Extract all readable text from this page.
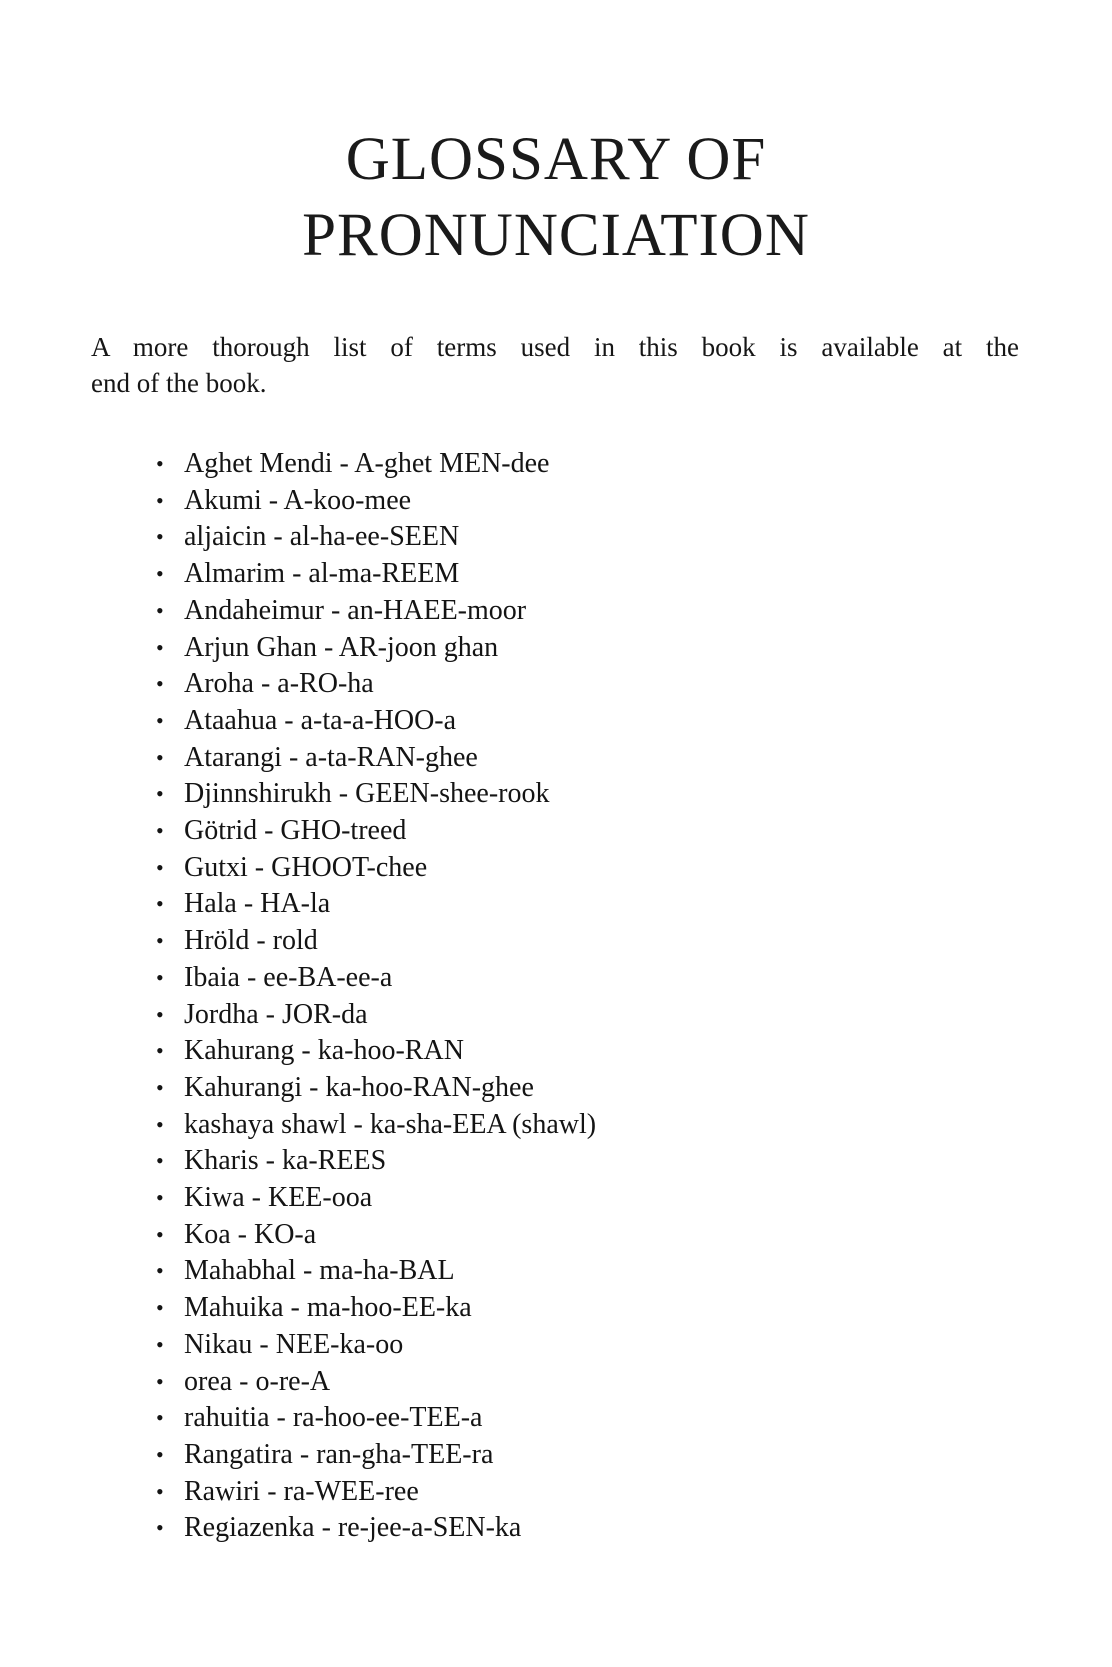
GLOSSARY OF
PRONUNCIATION

A more thorough list of terms used in this book is available at the
end of the book.

• Aghet Mendi - A-ghet MEN-dee
• Akumi - A-koo-mee
• aljaicin - al-ha-ee-SEEN
• Almarim - al-ma-REEM
• Andaheimur - an-HAEE-moor
• Arjun Ghan - AR-joon ghan
• Aroha - a-RO-ha
• Ataahua - a-ta-a-HOO-a
• Atarangi - a-ta-RAN-ghee
• Djinnshirukh - GEEN-shee-rook
• Götrid - GHO-treed
• Gutxi - GHOOT-chee
• Hala - HA-la
• Hröld - rold
• Ibaia - ee-BA-ee-a
• Jordha - JOR-da
• Kahurang - ka-hoo-RAN
• Kahurangi - ka-hoo-RAN-ghee
• kashaya shawl - ka-sha-EEA (shawl)
• Kharis - ka-REES
• Kiwa - KEE-ooa
• Koa - KO-a
• Mahabhal - ma-ha-BAL
• Mahuika - ma-hoo-EE-ka
• Nikau - NEE-ka-oo
• orea - o-re-A
• rahuitia - ra-hoo-ee-TEE-a
• Rangatira - ran-gha-TEE-ra
• Rawiri - ra-WEE-ree
• Regiazenka - re-jee-a-SEN-ka
